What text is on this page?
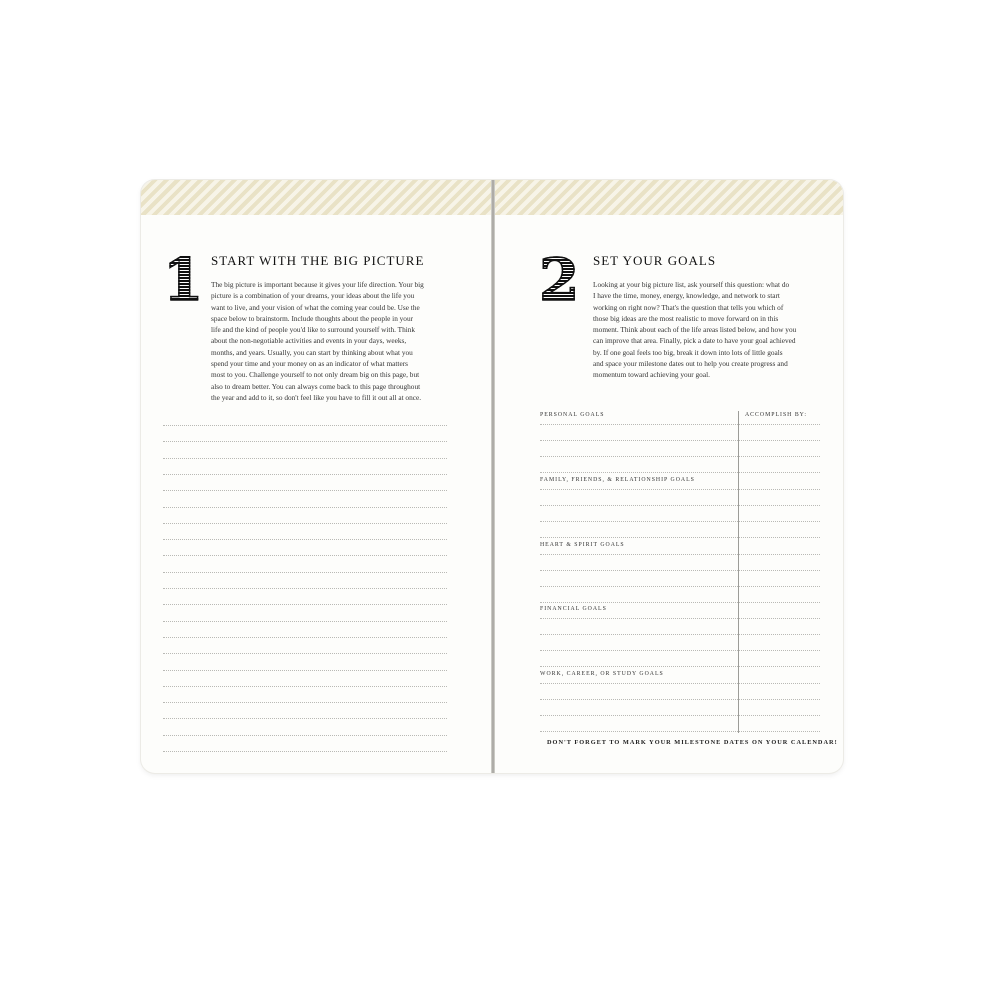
1 START WITH THE BIG PICTURE
The big picture is important because it gives your life direction. Your big
picture is a combination of your dreams, your ideas about the life you
want to live, and your vision of what the coming year could be. Use the
space below to brainstorm. Include thoughts about the people in your
life and the kind of people you'd like to surround yourself with. Think
about the non-negotiable activities and events in your days, weeks,
months, and years. Usually, you can start by thinking about what you
spend your time and your money on as an indicator of what matters
most to you. Challenge yourself to not only dream big on this page, but
also to dream better. You can always come back to this page throughout
the year and add to it, so don't feel like you have to fill it out all at once.
2 SET YOUR GOALS
Looking at your big picture list, ask yourself this question: what do
I have the time, money, energy, knowledge, and network to start
working on right now? That's the question that tells you which of
those big ideas are the most realistic to move forward on in this
moment. Think about each of the life areas listed below, and how you
can improve that area. Finally, pick a date to have your goal achieved
by. If one goal feels too big, break it down into lots of little goals
and space your milestone dates out to help you create progress and
momentum toward achieving your goal.
ACCOMPLISH BY:
PERSONAL GOALS
FAMILY, FRIENDS, & RELATIONSHIP GOALS
HEART & SPIRIT GOALS
FINANCIAL GOALS
WORK, CAREER, OR STUDY GOALS
DON'T FORGET TO MARK YOUR MILESTONE DATES ON YOUR CALENDAR!
